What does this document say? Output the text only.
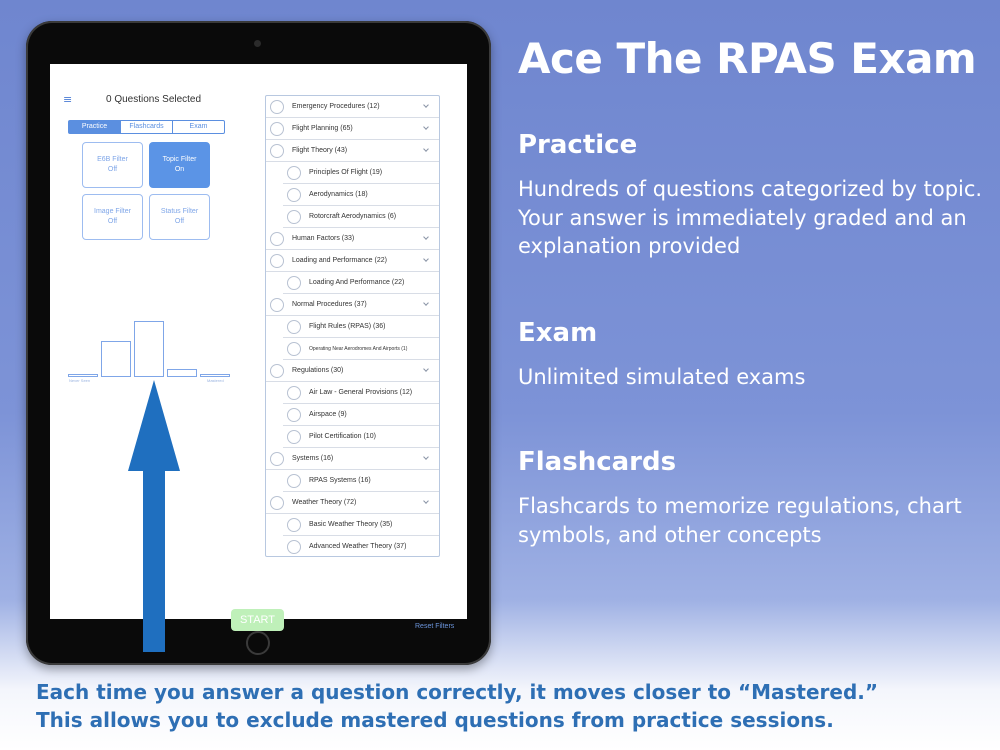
≡	0 Questions Selected
Practice	Flashcards	Exam
E6B Filter
Off
Topic Filter
On
Image Filter
Off
Status Filter
Off
Never Seen	Mastered
Emergency Procedures (12)
Flight Planning (65)
Flight Theory (43)
Principles Of Flight (19)
Aerodynamics (18)
Rotorcraft Aerodynamics (6)
Human Factors (33)
Loading and Performance (22)
Loading And Performance (22)
Normal Procedures (37)
Flight Rules (RPAS) (36)
Operating Near Aerodromes And Airports (1)
Regulations (30)
Air Law - General Provisions (12)
Airspace (9)
Pilot Certification (10)
Systems (16)
RPAS Systems (16)
Weather Theory (72)
Basic Weather Theory (35)
Advanced Weather Theory (37)
START
Reset Filters
Ace The RPAS Exam
Practice
Hundreds of questions categorized by topic. Your answer is immediately graded and an explanation provided
Exam
Unlimited simulated exams
Flashcards
Flashcards to memorize regulations, chart symbols, and other concepts
Each time you answer a question correctly, it moves closer to “Mastered.”
This allows you to exclude mastered questions from practice sessions.
